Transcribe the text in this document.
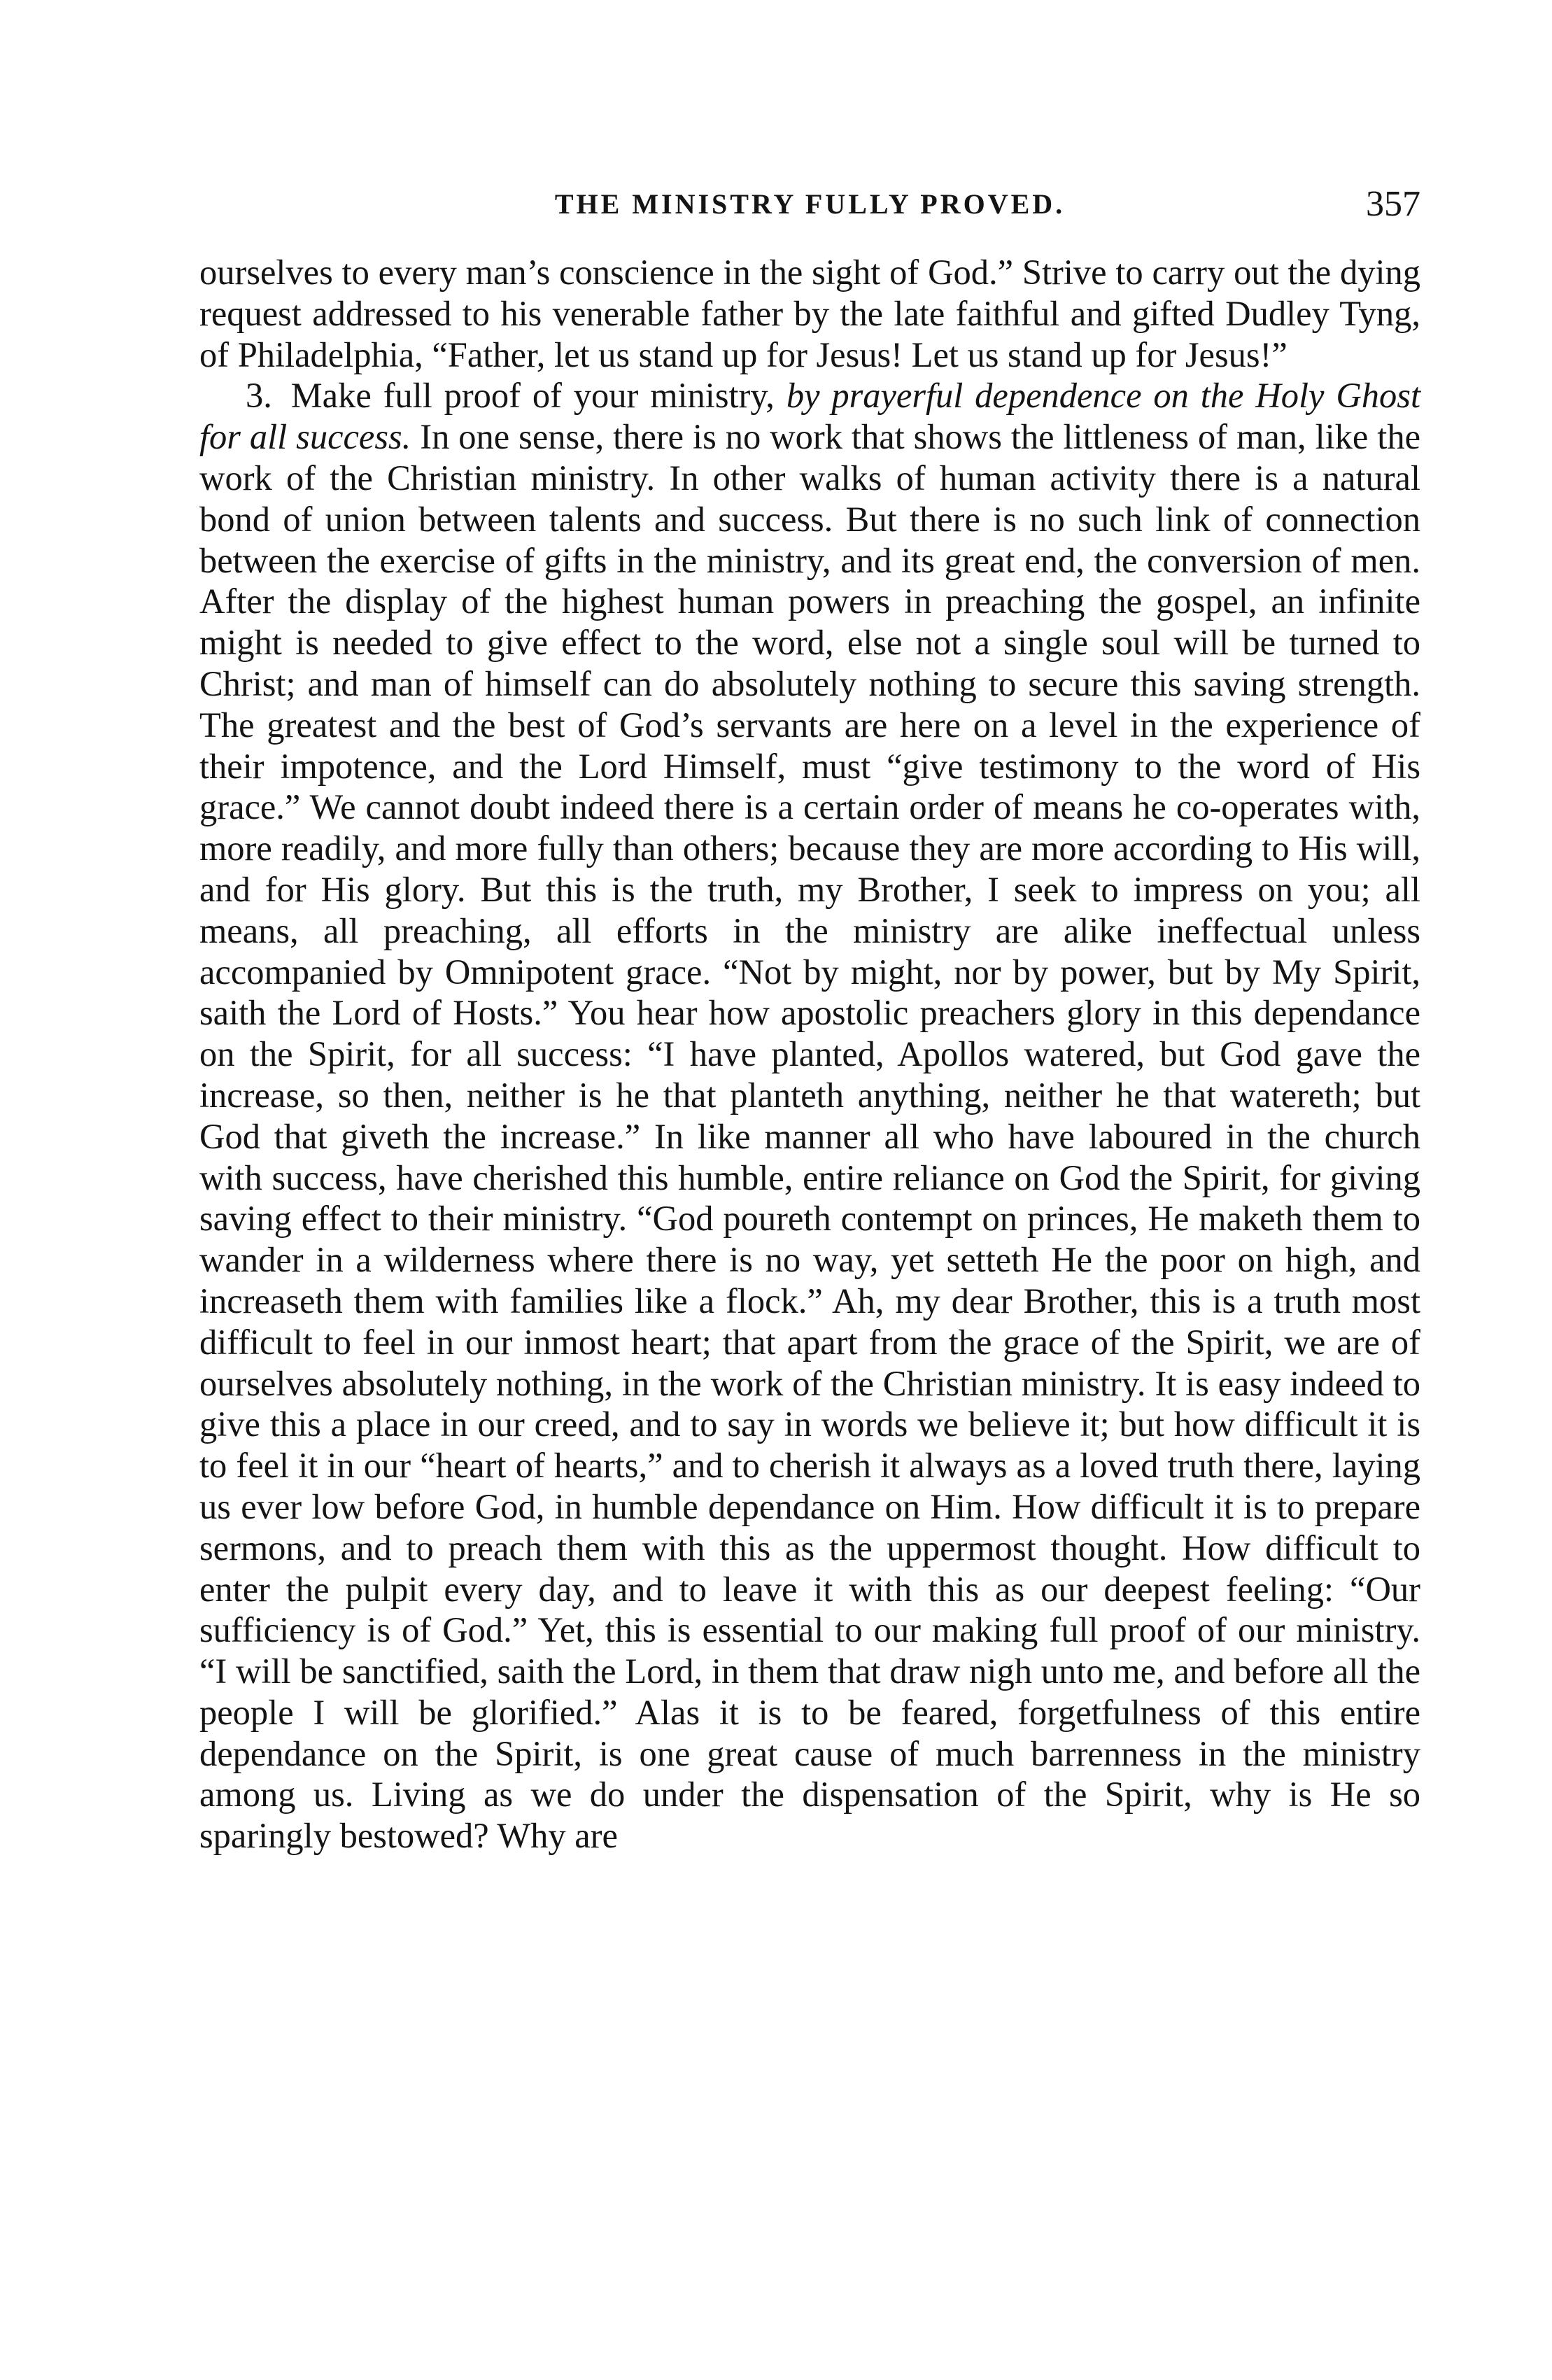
THE MINISTRY FULLY PROVED.	357

ourselves to every man’s conscience in the sight of God.” Strive to carry out the dying request addressed to his venerable father by the late faithful and gifted Dudley Tyng, of Philadelphia, “Father, let us stand up for Jesus! Let us stand up for Jesus!”

3. Make full proof of your ministry, by prayerful dependence on the Holy Ghost for all success. In one sense, there is no work that shows the littleness of man, like the work of the Christian ministry. In other walks of human activity there is a natural bond of union between talents and success. But there is no such link of connection between the exercise of gifts in the ministry, and its great end, the conversion of men. After the display of the highest human powers in preaching the gospel, an infinite might is needed to give effect to the word, else not a single soul will be turned to Christ; and man of himself can do absolutely nothing to secure this saving strength. The greatest and the best of God’s servants are here on a level in the experience of their impotence, and the Lord Himself, must “give testimony to the word of His grace.” We cannot doubt indeed there is a certain order of means he co-operates with, more readily, and more fully than others; because they are more according to His will, and for His glory. But this is the truth, my Brother, I seek to impress on you; all means, all preaching, all efforts in the ministry are alike ineffectual unless accompanied by Omnipotent grace. “Not by might, nor by power, but by My Spirit, saith the Lord of Hosts.” You hear how apostolic preachers glory in this dependance on the Spirit, for all success: “I have planted, Apollos watered, but God gave the increase, so then, neither is he that planteth anything, neither he that watereth; but God that giveth the increase.” In like manner all who have laboured in the church with success, have cherished this humble, entire reliance on God the Spirit, for giving saving effect to their ministry. “God poureth contempt on princes, He maketh them to wander in a wilderness where there is no way, yet setteth He the poor on high, and increaseth them with families like a flock.” Ah, my dear Brother, this is a truth most difficult to feel in our inmost heart; that apart from the grace of the Spirit, we are of ourselves absolutely nothing, in the work of the Christian ministry. It is easy indeed to give this a place in our creed, and to say in words we believe it; but how difficult it is to feel it in our “heart of hearts,” and to cherish it always as a loved truth there, laying us ever low before God, in humble dependance on Him. How difficult it is to prepare sermons, and to preach them with this as the uppermost thought. How difficult to enter the pulpit every day, and to leave it with this as our deepest feeling: “Our sufficiency is of God.” Yet, this is essential to our making full proof of our ministry. “I will be sanctified, saith the Lord, in them that draw nigh unto me, and before all the people I will be glorified.” Alas it is to be feared, forgetfulness of this entire dependance on the Spirit, is one great cause of much barrenness in the ministry among us. Living as we do under the dispensation of the Spirit, why is He so sparingly bestowed? Why are
